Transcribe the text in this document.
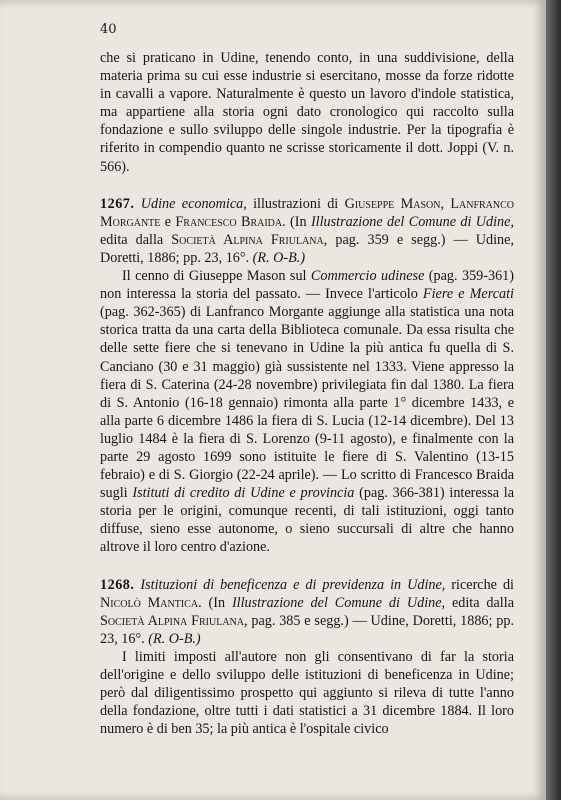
40

che si praticano in Udine, tenendo conto, in una suddivisione, della materia prima su cui esse industrie si esercitano, mosse da forze ridotte in cavalli a vapore. Naturalmente è questo un lavoro d'indole statistica, ma appartiene alla storia ogni dato cronologico qui raccolto sulla fondazione e sullo sviluppo delle singole industrie. Per la tipografia è riferito in compendio quanto ne scrisse storicamente il dott. Joppi (V. n. 566).

1267. Udine economica, illustrazioni di Giuseppe Mason, Lanfranco Morgante e Francesco Braida. (In Illustrazione del Comune di Udine, edita dalla Società Alpina Friulana, pag. 359 e segg.) — Udine, Doretti, 1886; pp. 23, 16°. (R. O-B.)

Il cenno di Giuseppe Mason sul Commercio udinese (pag. 359-361) non interessa la storia del passato. — Invece l'articolo Fiere e Mercati (pag. 362-365) di Lanfranco Morgante aggiunge alla statistica una nota storica tratta da una carta della Biblioteca comunale. Da essa risulta che delle sette fiere che si tenevano in Udine la più antica fu quella di S. Canciano (30 e 31 maggio) già sussistente nel 1333. Viene appresso la fiera di S. Caterina (24-28 novembre) privilegiata fin dal 1380. La fiera di S. Antonio (16-18 gennaio) rimonta alla parte 1° dicembre 1433, e alla parte 6 dicembre 1486 la fiera di S. Lucia (12-14 dicembre). Del 13 luglio 1484 è la fiera di S. Lorenzo (9-11 agosto), e finalmente con la parte 29 agosto 1699 sono istituite le fiere di S. Valentino (13-15 febraio) e di S. Giorgio (22-24 aprile). — Lo scritto di Francesco Braida sugli Istituti di credito di Udine e provincia (pag. 366-381) interessa la storia per le origini, comunque recenti, di tali istituzioni, oggi tanto diffuse, sieno esse autonome, o sieno succursali di altre che hanno altrove il loro centro d'azione.

1268. Istituzioni di beneficenza e di previdenza in Udine, ricerche di Nicolò Mantica. (In Illustrazione del Comune di Udine, edita dalla Società Alpina Friulana, pag. 385 e segg.) — Udine, Doretti, 1886; pp. 23, 16°. (R. O-B.)

I limiti imposti all'autore non gli consentivano di far la storia dell'origine e dello sviluppo delle istituzioni di beneficenza in Udine; però dal diligentissimo prospetto qui aggiunto si rileva di tutte l'anno della fondazione, oltre tutti i dati statistici a 31 dicembre 1884. Il loro numero è di ben 35; la più antica è l'ospitale civico
